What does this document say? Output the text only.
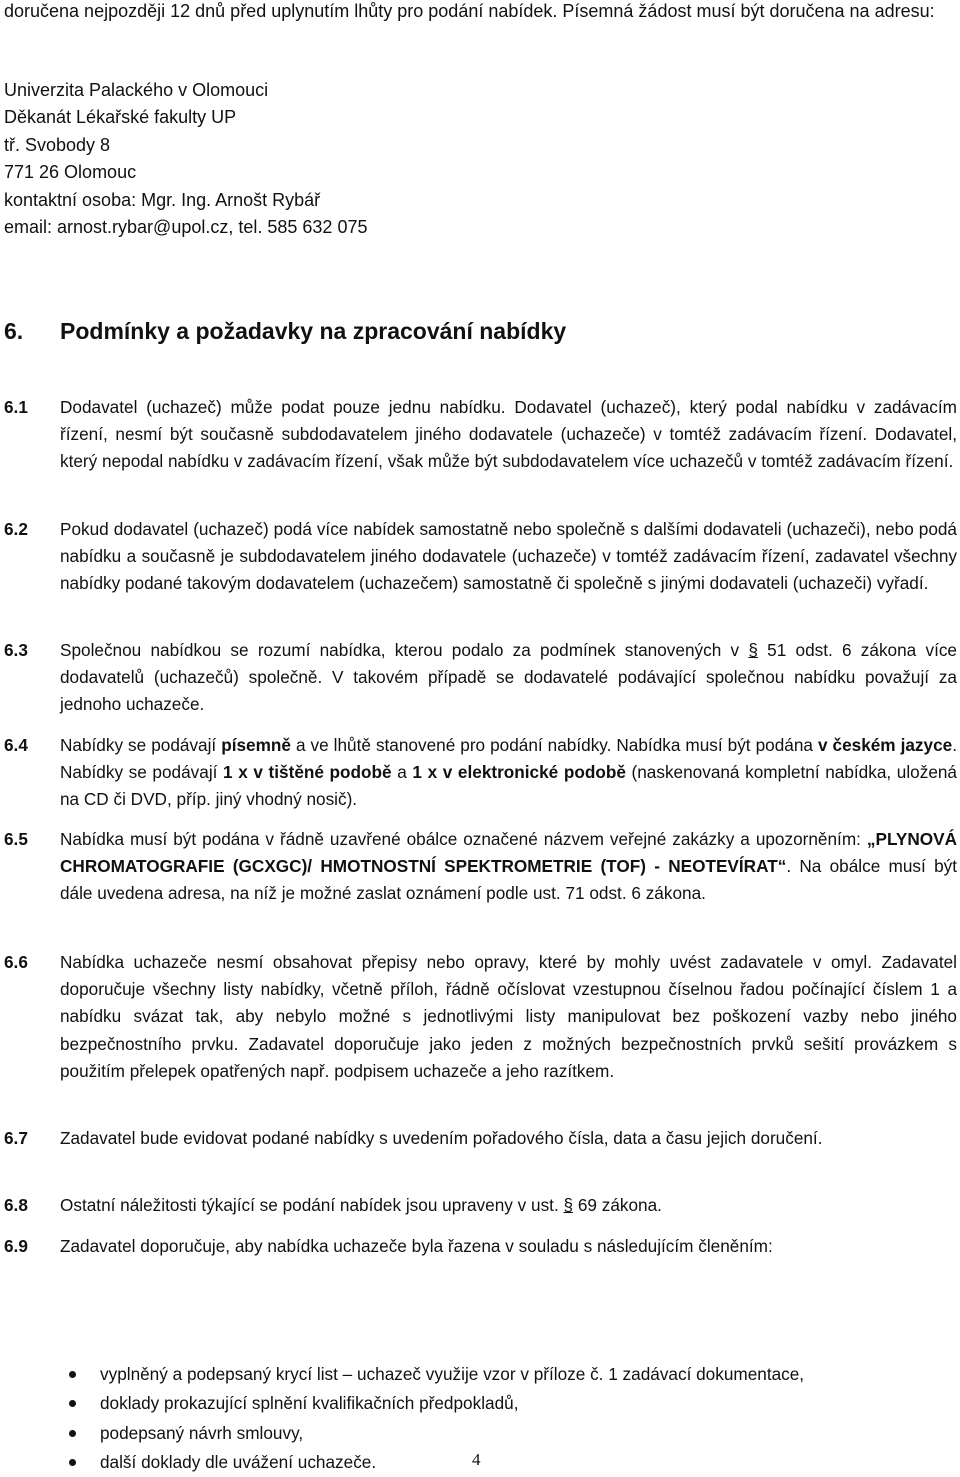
doručena nejpozději 12 dnů před uplynutím lhůty pro podání nabídek. Písemná žádost musí být doručena na adresu:
Univerzita Palackého v Olomouci
Děkanát Lékařské fakulty UP
tř. Svobody 8
771 26 Olomouc
kontaktní osoba: Mgr. Ing. Arnošt Rybář
email: arnost.rybar@upol.cz, tel. 585 632 075
6. Podmínky a požadavky na zpracování nabídky
6.1 Dodavatel (uchazeč) může podat pouze jednu nabídku. Dodavatel (uchazeč), který podal nabídku v zadávacím řízení, nesmí být současně subdodavatelem jiného dodavatele (uchazeče) v tomtéž zadávacím řízení. Dodavatel, který nepodal nabídku v zadávacím řízení, však může být subdodavatelem více uchazečů v tomtéž zadávacím řízení.
6.2 Pokud dodavatel (uchazeč) podá více nabídek samostatně nebo společně s dalšími dodavateli (uchazeči), nebo podá nabídku a současně je subdodavatelem jiného dodavatele (uchazeče) v tomtéž zadávacím řízení, zadavatel všechny nabídky podané takovým dodavatelem (uchazečem) samostatně či společně s jinými dodavateli (uchazeči) vyřadí.
6.3 Společnou nabídkou se rozumí nabídka, kterou podalo za podmínek stanovených v § 51 odst. 6 zákona více dodavatelů (uchazečů) společně. V takovém případě se dodavatelé podávající společnou nabídku považují za jednoho uchazeče.
6.4 Nabídky se podávají písemně a ve lhůtě stanovené pro podání nabídky. Nabídka musí být podána v českém jazyce. Nabídky se podávají 1 x v tištěné podobě a 1 x v elektronické podobě (naskenovaná kompletní nabídka, uložená na CD či DVD, příp. jiný vhodný nosič).
6.5 Nabídka musí být podána v řádně uzavřené obálce označené názvem veřejné zakázky a upozorněním: „PLYNOVÁ CHROMATOGRAFIE (GCXGC)/ HMOTNOSTNÍ SPEKTROMETRIE (TOF) - NEOTEVÍRAT“. Na obálce musí být dále uvedena adresa, na níž je možné zaslat oznámení podle ust. 71 odst. 6 zákona.
6.6 Nabídka uchazeče nesmí obsahovat přepisy nebo opravy, které by mohly uvést zadavatele v omyl. Zadavatel doporučuje všechny listy nabídky, včetně příloh, řádně očíslovat vzestupnou číselnou řadou počínající číslem 1 a nabídku svázat tak, aby nebylo možné s jednotlivými listy manipulovat bez poškození vazby nebo jiného bezpečnostního prvku. Zadavatel doporučuje jako jeden z možných bezpečnostních prvků sešití provázkem s použitím přelepek opatřených např. podpisem uchazeče a jeho razítkem.
6.7 Zadavatel bude evidovat podané nabídky s uvedením pořadového čísla, data a času jejich doručení.
6.8 Ostatní náležitosti týkající se podání nabídek jsou upraveny v ust. § 69 zákona.
6.9 Zadavatel doporučuje, aby nabídka uchazeče byla řazena v souladu s následujícím členěním:
vyplněný a podepsaný krycí list – uchazeč využije vzor v příloze č. 1 zadávací dokumentace,
doklady prokazující splnění kvalifikačních předpokladů,
podepsaný návrh smlouvy,
další doklady dle uvážení uchazeče.	4
